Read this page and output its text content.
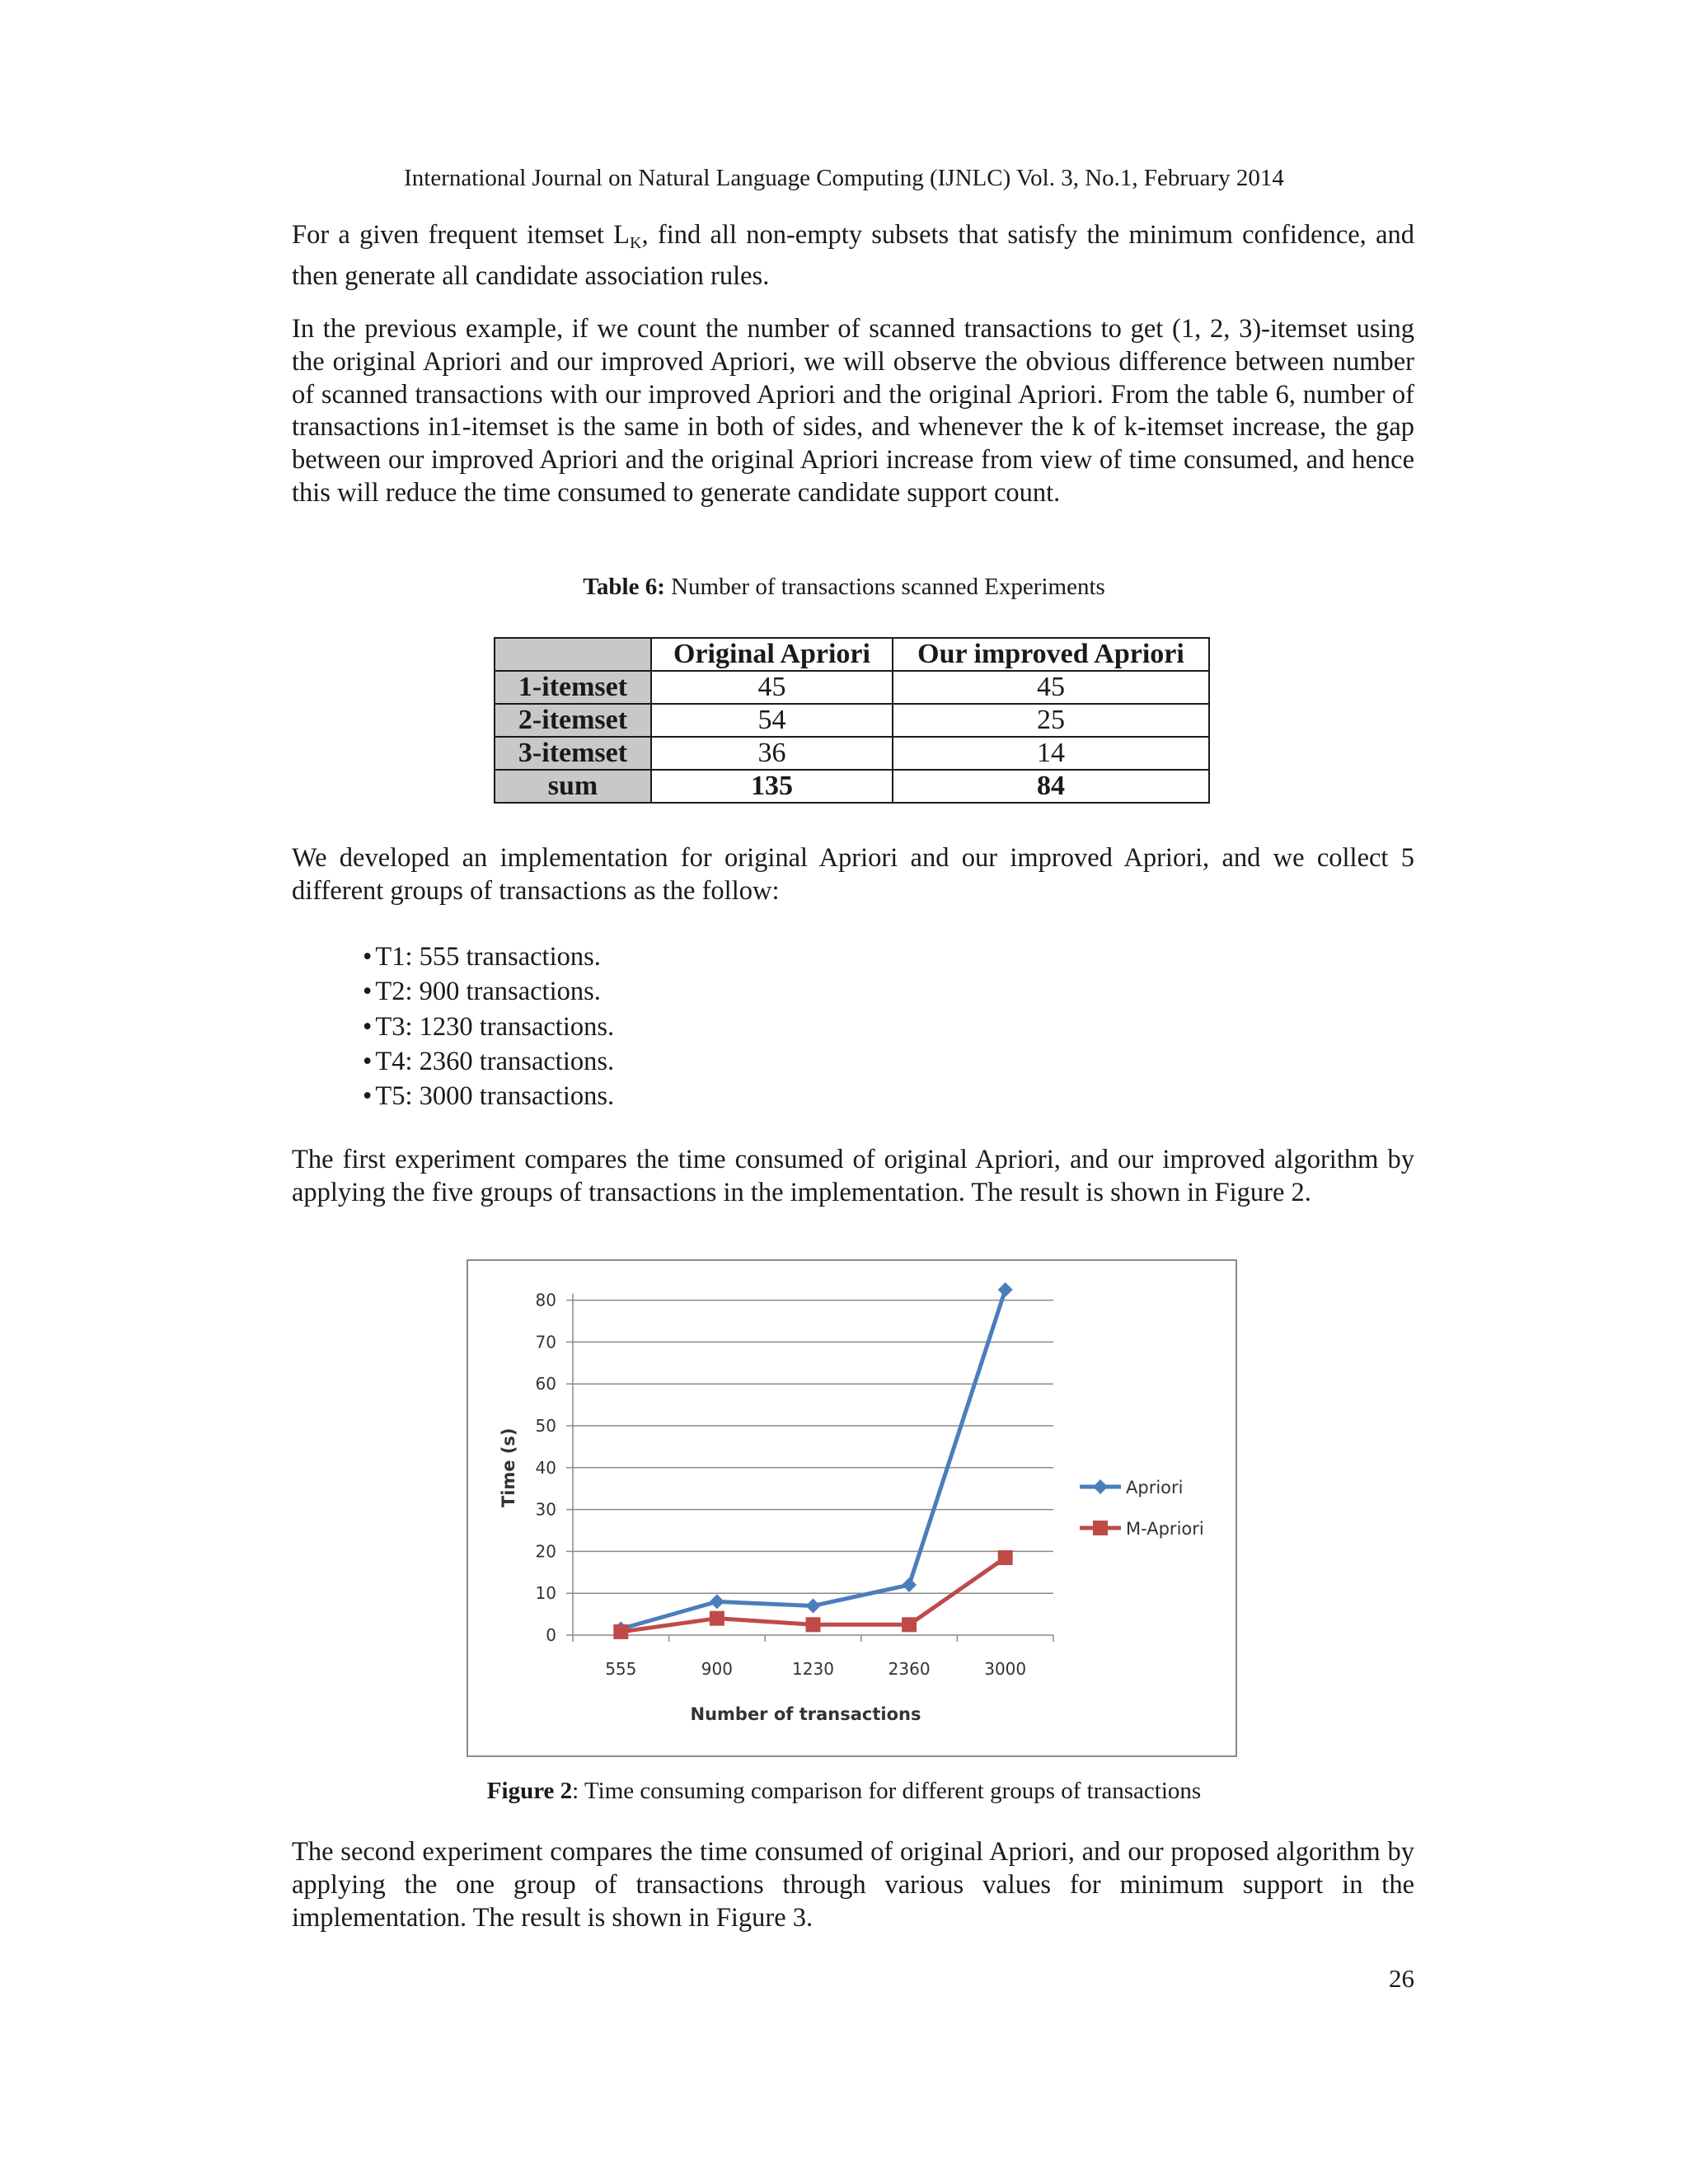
International Journal on Natural Language Computing (IJNLC) Vol. 3, No.1, February 2014

For a given frequent itemset $L_K$, find all non-empty subsets that satisfy the minimum confidence, and then generate all candidate association rules.

In the previous example, if we count the number of scanned transactions to get (1, 2, 3)-itemset using the original Apriori and our improved Apriori, we will observe the obvious difference between number of scanned transactions with our improved Apriori and the original Apriori. From the table 6, number of transactions in1-itemset is the same in both of sides, and whenever the k of k-itemset increase, the gap between our improved Apriori and the original Apriori increase from view of time consumed, and hence this will reduce the time consumed to generate candidate support count.

Table 6: Number of transactions scanned Experiments
	Original Apriori	Our improved Apriori
1-itemset	45	45
2-itemset	54	25
3-itemset	36	14
sum	135	84

We developed an implementation for original Apriori and our improved Apriori, and we collect 5 different groups of transactions as the follow:

• T1: 555 transactions.
• T2: 900 transactions.
• T3: 1230 transactions.
• T4: 2360 transactions.
• T5: 3000 transactions.

The first experiment compares the time consumed of original Apriori, and our improved algorithm by applying the five groups of transactions in the implementation. The result is shown in Figure 2.

0
10
20
30
40
50
60
70
80
555	900	1230	2360	3000
Number of transactions
Time (s)	Apriori
M-Apriori
Figure 2: Time consuming comparison for different groups of transactions

The second experiment compares the time consumed of original Apriori, and our proposed algorithm by applying the one group of transactions through various values for minimum support in the implementation. The result is shown in Figure 3.

26
